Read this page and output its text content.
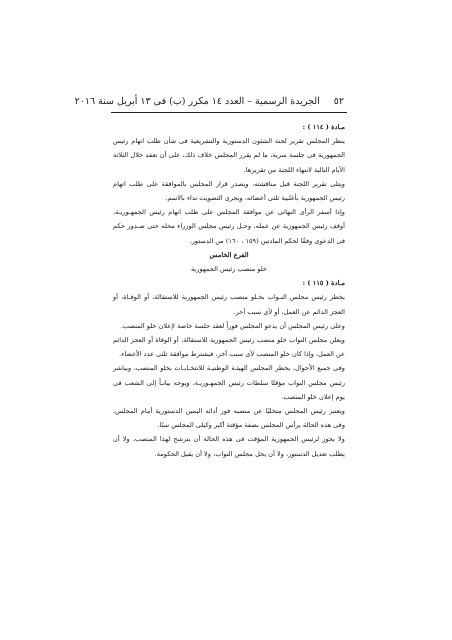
٥٢
الجريدة الرسمية – العدد ١٤ مكرر (ب) فى ١٣ أبريل سنة ٢٠١٦

مـادة ( ١١٤ ) :

ينظر المجلس تقرير لجنة الشئون الدستورية والتشريعية فى شأن طلب اتهام رئيس الجمهورية فى جلسة سرية، ما لم يقرر المجلس خلاف ذلك، على أن تعقد خلال الثلاثة الأيام التالية لانتهاء اللجنة من تقريرها.

ويتلى تقرير اللجنة قبل مناقشته، ويصدر قرار المجلس بالموافقة على طلب اتهام رئيس الجمهورية بأغلبية ثلثى أعضائه، ويجرى التصويت نداء بالاسم.

وإذا أسفر الرأى النهائى عن موافقة المجلس على طلب اتهام رئيس الجمهـوريـة، أوقف رئيس الجمهورية عن عمله، وحـل رئيس مجلس الوزراء محله حتى صـدور حكم فى الدعوى وفقًا لحكم المادتين (١٥٩ ، ١٦٠) من الدستور.

الفرع الخامس

خلو منصب رئيس الجمهورية

مـادة ( ١١٥ ) :

يخطر رئيس مجلس النـواب بخـلو منصب رئيس الجمهورية للاستقالة، أو الوفـاة، أو العجز الدائم عن العمل، أو لأى سبب آخر.

وعلى رئيس المجلس أن يدعو المجلس فوراً لعقد جلسة خاصة لإعلان خلو المنصب.

ويعلن مجلس النواب خلو منصب رئيس الجمهورية للاستقالة، أو الوفاة أو العجز الدائم عن العمل، وإذا كان خلو المنصب لأى سبب آخر، فيشترط موافقة ثلثى عدد الأعضاء.

وفى جميع الأحوال، يخطر المجلس الهيئـة الوطنيـة للانتخـابـات بخلو المنصب، ويباشر رئيس مجلس النواب مؤقتًا سلطات رئيس الجمهـوريـة، ويوجه بيانـاً إلى الشعب فى يوم إعلان خلو المنصب.

ويعتبر رئيس المجلس متخليًا عن منصبه فور أدائه اليمين الدستورية أمام المجلس، وفى هذه الحالة يرأس المجلس بصفة مؤقتة أكبر وكيلى المجلس سنًا.

ولا يجوز لرئيس الجمهورية المؤقت فى هذه الحالة أن يترشح لهذا المنصب، ولا أن يطلب تعديل الدستور، ولا أن يحل مجلس النواب، ولا أن يقيل الحكومة.
